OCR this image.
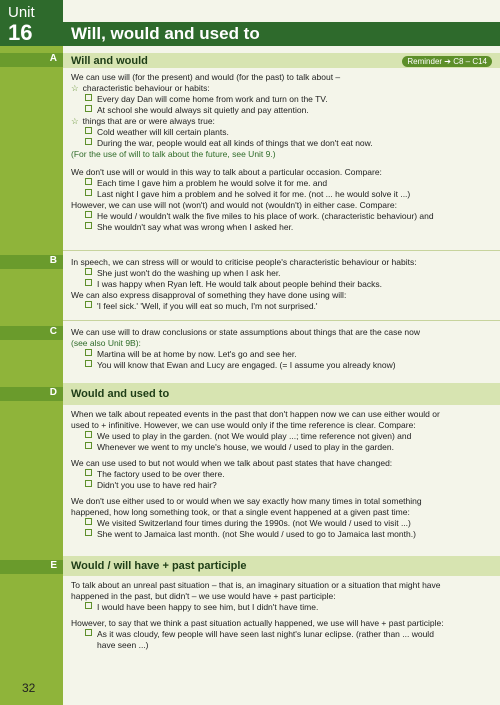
Unit
16 Will, would and used to
A Will and would	Reminder ➔ C8 – C14
We can use will (for the present) and would (for the past) to talk about –
☆ characteristic behaviour or habits:
Every day Dan will come home from work and turn on the TV.
At school she would always sit quietly and pay attention.
☆ things that are or were always true:
Cold weather will kill certain plants.
During the war, people would eat all kinds of things that we don't eat now.
(For the use of will to talk about the future, see Unit 9.)
We don't use will or would in this way to talk about a particular occasion. Compare:
Each time I gave him a problem he would solve it for me. and
Last night I gave him a problem and he solved it for me. (not ... he would solve it ...)
However, we can use will not (won't) and would not (wouldn't) in either case. Compare:
He would / wouldn't walk the five miles to his place of work. (characteristic behaviour) and
She wouldn't say what was wrong when I asked her.
B In speech, we can stress will or would to criticise people's characteristic behaviour or habits:
She just won't do the washing up when I ask her.
I was happy when Ryan left. He would talk about people behind their backs.
We can also express disapproval of something they have done using will:
'I feel sick.' 'Well, if you will eat so much, I'm not surprised.'
C We can use will to draw conclusions or state assumptions about things that are the case now
(see also Unit 9B):
Martina will be at home by now. Let's go and see her.
You will know that Ewan and Lucy are engaged. (= I assume you already know)
D Would and used to
When we talk about repeated events in the past that don't happen now we can use either would or
used to + infinitive. However, we can use would only if the time reference is clear. Compare:
We used to play in the garden. (not We would play ...; time reference not given) and
Whenever we went to my uncle's house, we would / used to play in the garden.
We can use used to but not would when we talk about past states that have changed:
The factory used to be over there.
Didn't you use to have red hair?
We don't use either used to or would when we say exactly how many times in total something
happened, how long something took, or that a single event happened at a given past time:
We visited Switzerland four times during the 1990s. (not We would / used to visit ...)
She went to Jamaica last month. (not She would / used to go to Jamaica last month.)
E Would / will have + past participle
To talk about an unreal past situation – that is, an imaginary situation or a situation that might have
happened in the past, but didn't – we use would have + past participle:
I would have been happy to see him, but I didn't have time.
However, to say that we think a past situation actually happened, we use will have + past participle:
As it was cloudy, few people will have seen last night's lunar eclipse. (rather than ... would
have seen ...)
32
